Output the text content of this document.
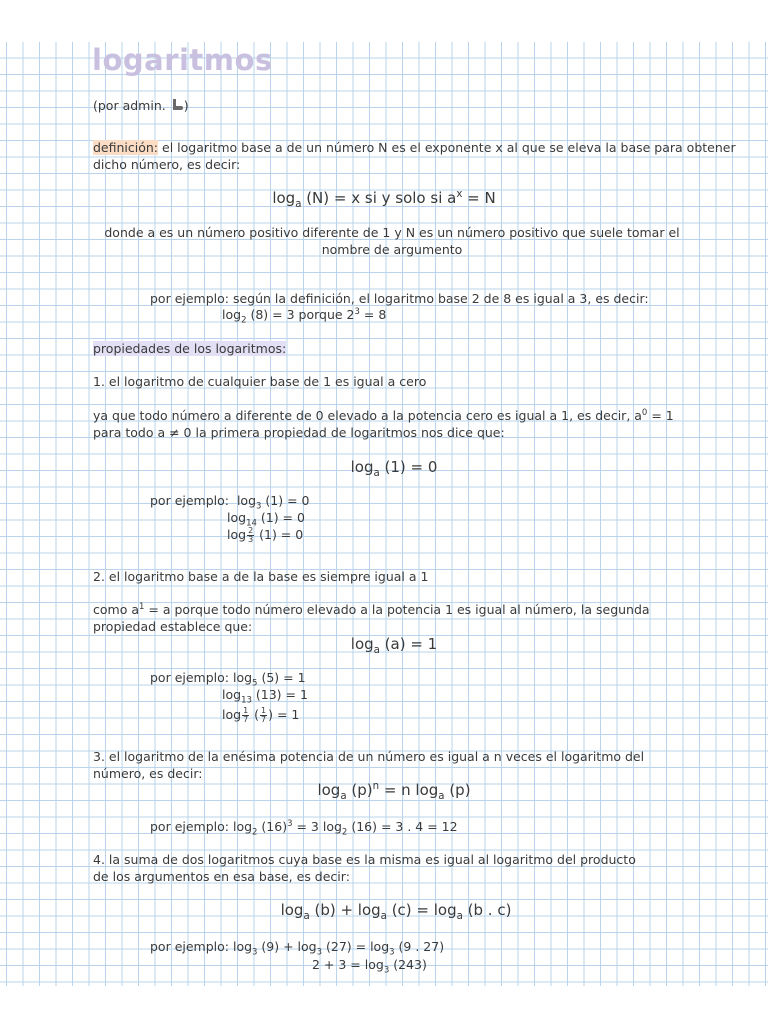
logaritmos

(por admin. )

definición: el logaritmo base a de un número N es el exponente x al que se eleva la base para obtener

dicho número, es decir:

$\log_a (N) = x$ si y solo si $a^x = N$

donde a es un número positivo diferente de 1 y N es un número positivo que suele tomar el nombre de argumento

por ejemplo: según la definición, el logaritmo base 2 de 8 es igual a 3, es decir:

$\log_2 (8) = 3$ porque $2^3 = 8$

propiedades de los logaritmos:

1. el logaritmo de cualquier base de 1 es igual a cero

ya que todo número a diferente de 0 elevado a la potencia cero es igual a 1, es decir, $a^0 = 1$ para todo a ≠ 0 la primera propiedad de logaritmos nos dice que:

$\log_a (1) = 0$

por ejemplo: $\log_3 (1) = 0$

$\log_{14} (1) = 0$

$\log \frac{2}{3} (1) = 0$

2. el logaritmo base a de la base es siempre igual a 1

como $a^1 = a$ porque todo número elevado a la potencia 1 es igual al número, la segunda propiedad establece que:

$\log_a (a) = 1$

por ejemplo: $\log_5 (5) = 1$

$\log_{13} (13) = 1$

$\log \frac{1}{7}$ ( $\frac{1}{7}$ ) = 1

3. el logaritmo de la enésima potencia de un número es igual a n veces el logaritmo del número, es decir:

$\log_a (p)^n = n$ $\log_a (p)$

por ejemplo: $\log_2 (16)^3 = 3$ $\log_2 (16) = 3$ . 4 = 12

4. la suma de dos logaritmos cuya base es la misma es igual al logaritmo del producto de los argumentos en esa base, es decir:

$\log_a (b) + \log_a (c) = \log_a (b$ . c)

por ejemplo: $\log_3 (9) + \log_3 (27) = \log_3 (9$ . 27)

$2 + 3 = \log_3 (243)$
